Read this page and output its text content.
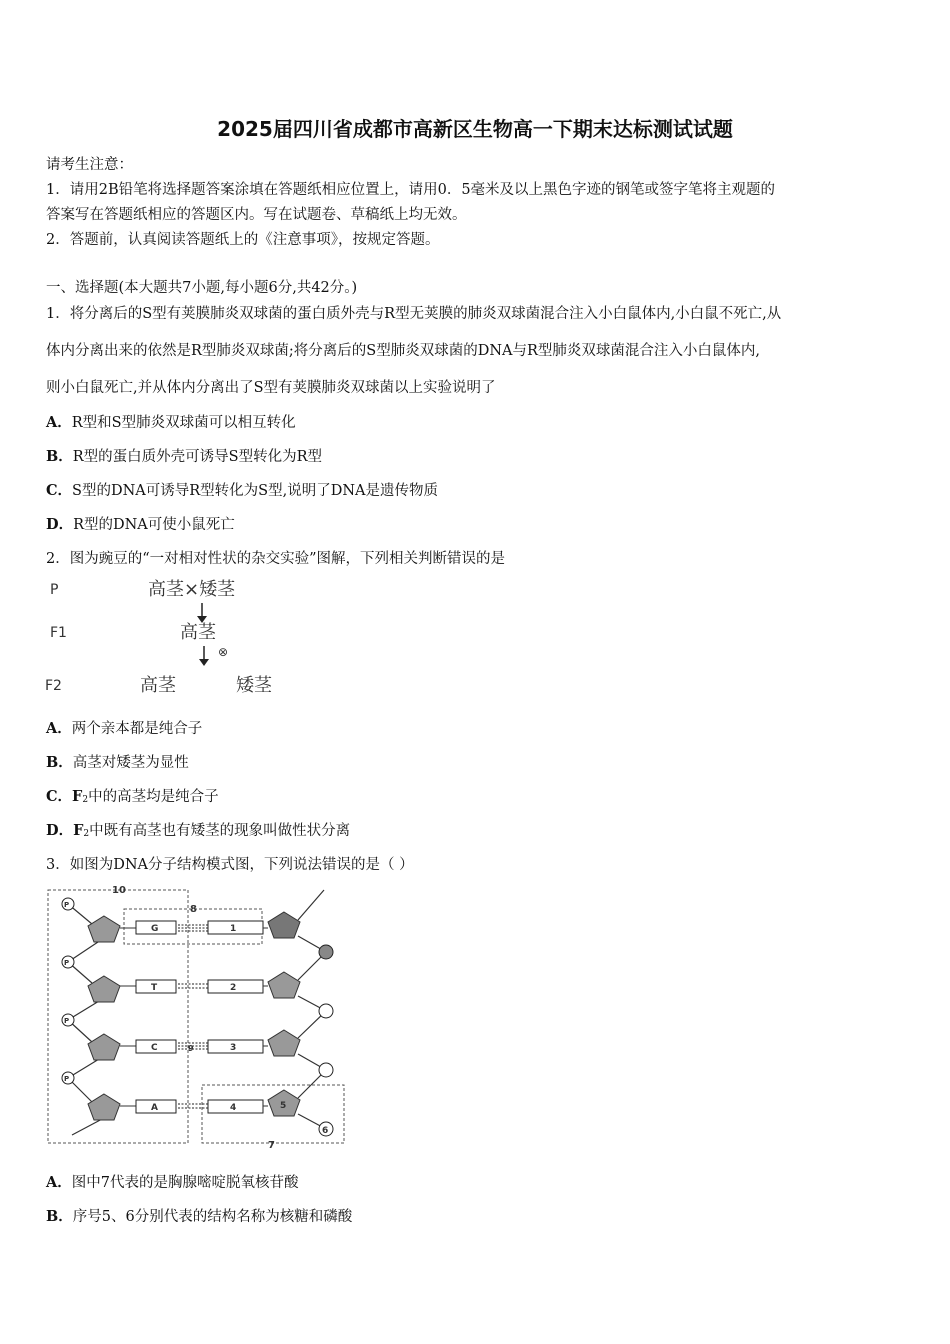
2025届四川省成都市高新区生物高一下期末达标测试试题
请考生注意：
1．请用2B铅笔将选择题答案涂填在答题纸相应位置上，请用0．5毫米及以上黑色字迹的钢笔或签字笔将主观题的
答案写在答题纸相应的答题区内。写在试题卷、草稿纸上均无效。
2．答题前，认真阅读答题纸上的《注意事项》，按规定答题。
一、选择题(本大题共7小题,每小题6分,共42分。)
1．将分离后的S型有荚膜肺炎双球菌的蛋白质外壳与R型无荚膜的肺炎双球菌混合注入小白鼠体内,小白鼠不死亡,从
体内分离出来的依然是R型肺炎双球菌;将分离后的S型肺炎双球菌的DNA与R型肺炎双球菌混合注入小白鼠体内,
则小白鼠死亡,并从体内分离出了S型有荚膜肺炎双球菌以上实验说明了
A．R型和S型肺炎双球菌可以相互转化
B．R型的蛋白质外壳可诱导S型转化为R型
C．S型的DNA可诱导R型转化为S型,说明了DNA是遗传物质
D．R型的DNA可使小鼠死亡
2．图为豌豆的“一对相对性状的杂交实验”图解，下列相关判断错误的是
P
F1
F2
高茎×矮茎
高茎
⊗
高茎	矮茎
A．两个亲本都是纯合子
B．高茎对矮茎为显性
C．F2中的高茎均是纯合子
D．F2中既有高茎也有矮茎的现象叫做性状分离
3．如图为DNA分子结构模式图，下列说法错误的是（ ）
10
8
7
P
P
P
P
G
T
C
A
9
1
2
3
4	5
6
A．图中7代表的是胸腺嘧啶脱氧核苷酸
B．序号5、6分别代表的结构名称为核糖和磷酸
